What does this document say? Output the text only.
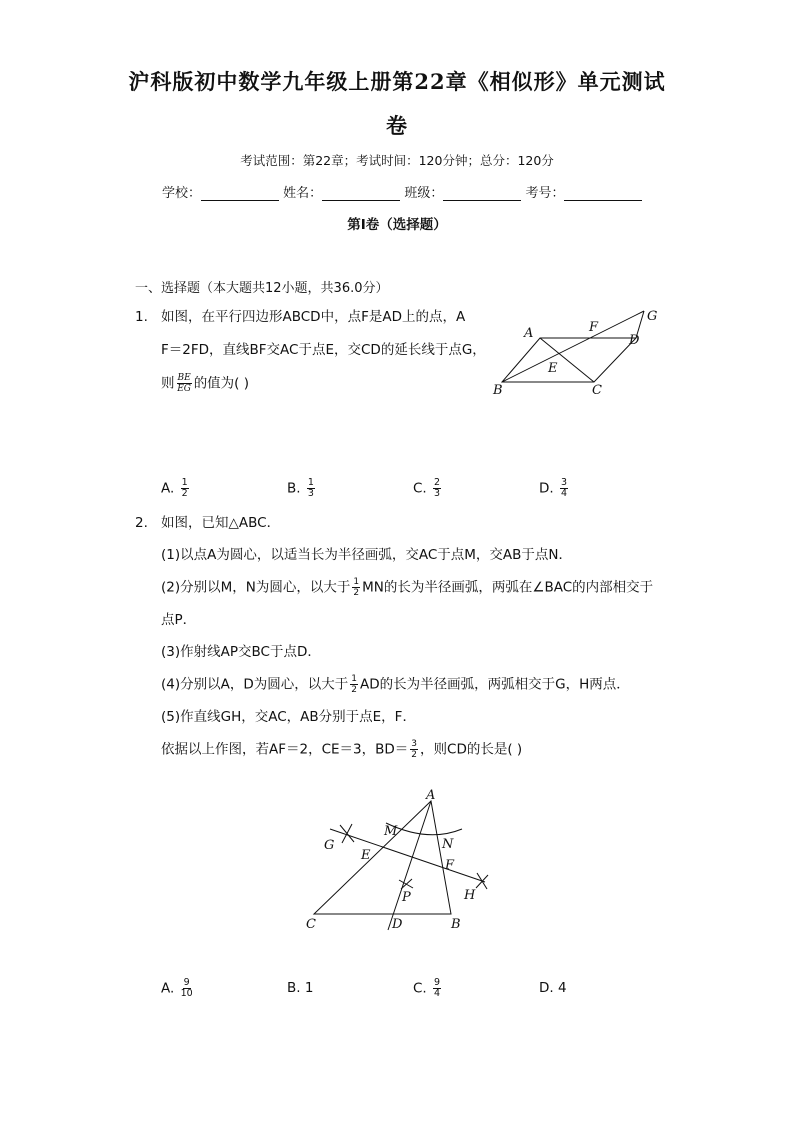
沪科版初中数学九年级上册第22章《相似形》单元测试
卷
考试范围：第22章；考试时间：120分钟；总分：120分
学校：	姓名：	班级：	考号：
第I卷（选择题）
一、选择题（本大题共12小题，共36.0分）
1. 如图，在平行四边形ABCD中，点F是AD上的点，A
F＝2FD，直线BF交AC于点E，交CD的延长线于点G，
则 $\frac{BE}{EG}$ 的值为( )
A	F
G
D
E
B	C
A. $\frac{1}{2}$	B. $\frac{1}{3}$	C. $\frac{2}{3}$	D. $\frac{3}{4}$
2. 如图，已知△ABC．
(1)以点A为圆心，以适当长为半径画弧，交AC于点M，交AB于点N．
(2)分别以M，N为圆心，以大于 $\frac{1}{2}$ MN的长为半径画弧，两弧在∠BAC的内部相交于
点P．
(3)作射线AP交BC于点D．
(4)分别以A，D为圆心，以大于 $\frac{1}{2}$ AD的长为半径画弧，两弧相交于G，H两点．
(5)作直线GH，交AC，AB分别于点E，F．
依据以上作图，若AF＝2，CE＝3，$BD= \frac{3}{2}$ ，则CD的长是( )
A
M
N
G
E
F
P	H
C	D	B
A. $\frac{9}{10}$	B. 1	C. $\frac{9}{4}$	D. 4
